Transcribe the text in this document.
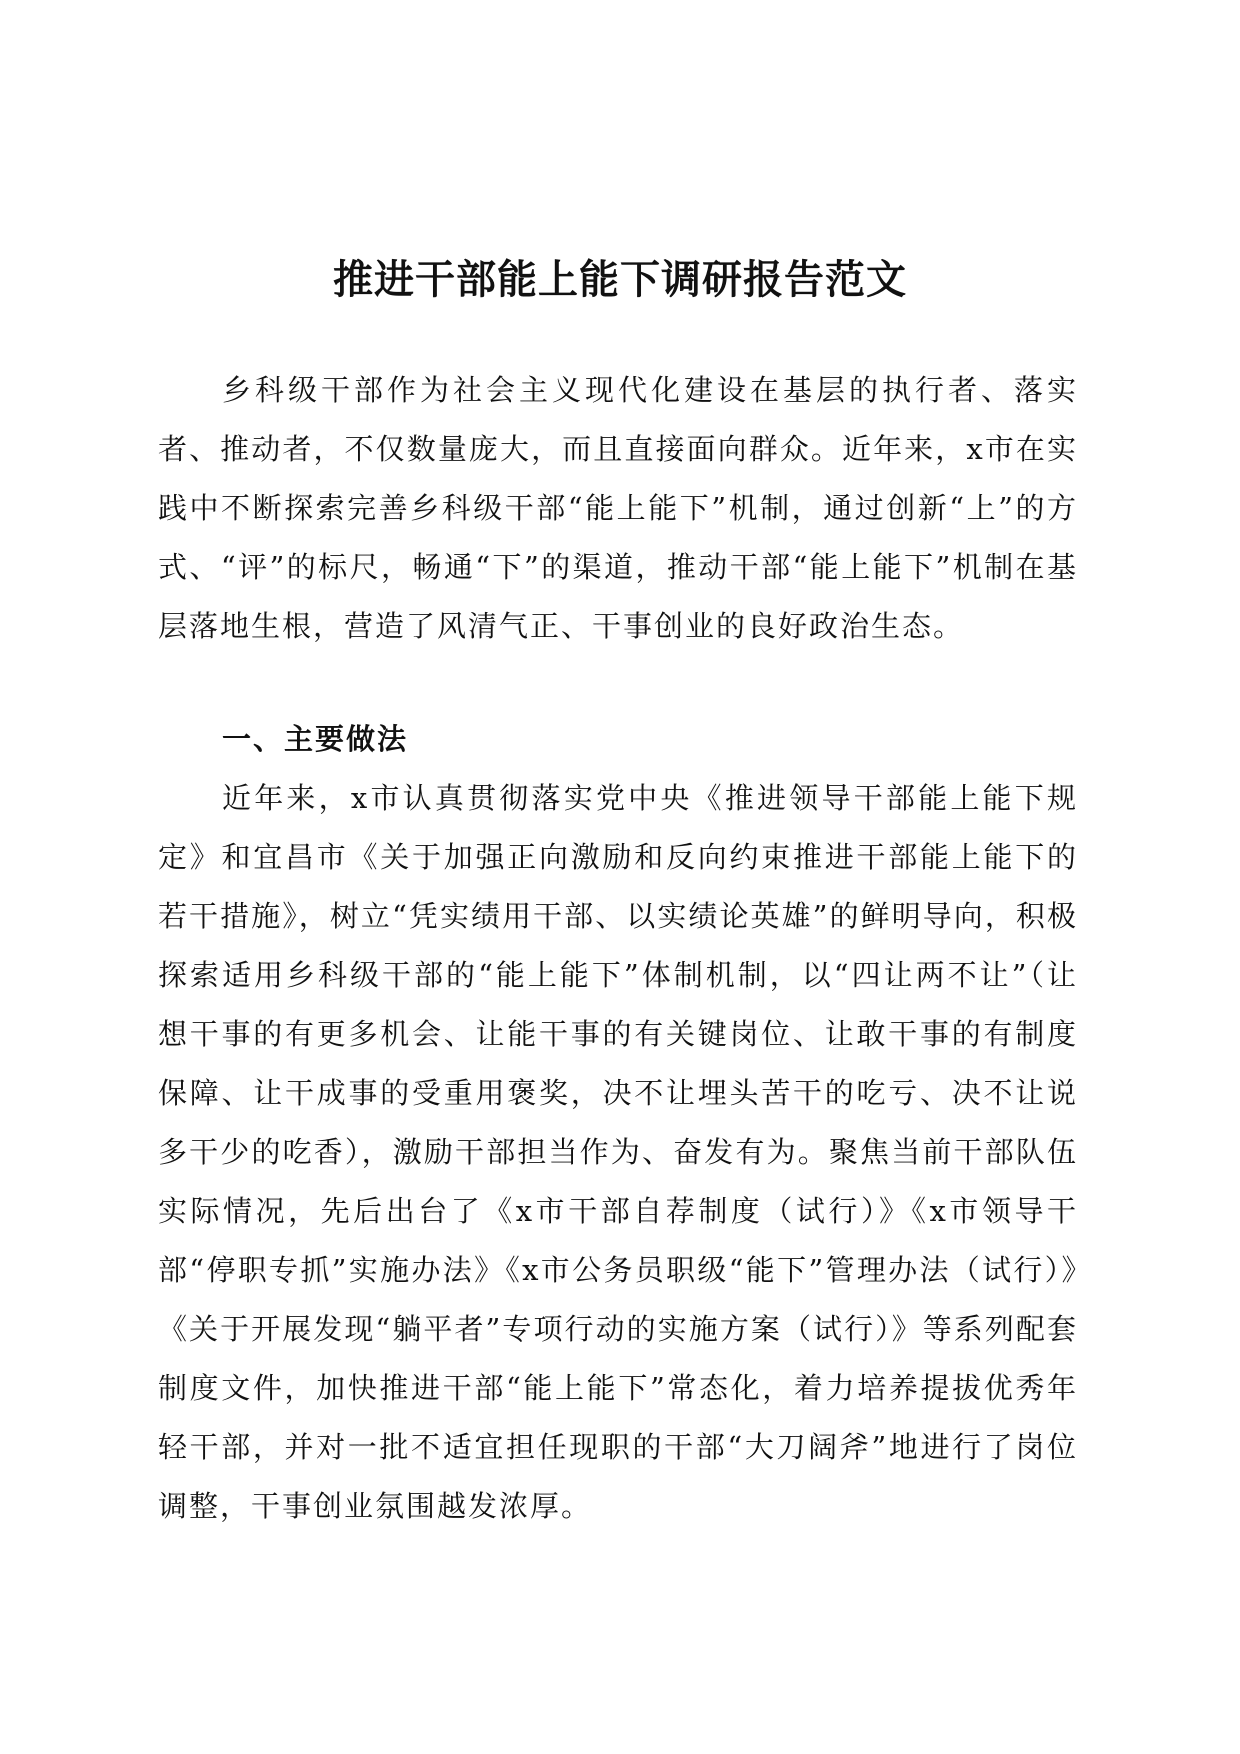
推进干部能上能下调研报告范文

乡科级干部作为社会主义现代化建设在基层的执行者、落实者、推动者，不仅数量庞大，而且直接面向群众。近年来，x市在实践中不断探索完善乡科级干部“能上能下”机制，通过创新“上”的方式、“评”的标尺，畅通“下”的渠道，推动干部“能上能下”机制在基层落地生根，营造了风清气正、干事创业的良好政治生态。

一、主要做法

近年来，x市认真贯彻落实党中央《推进领导干部能上能下规定》和宜昌市《关于加强正向激励和反向约束推进干部能上能下的若干措施》，树立“凭实绩用干部、以实绩论英雄”的鲜明导向，积极探索适用乡科级干部的“能上能下”体制机制，以“四让两不让”（让想干事的有更多机会、让能干事的有关键岗位、让敢干事的有制度保障、让干成事的受重用褒奖，决不让埋头苦干的吃亏、决不让说多干少的吃香），激励干部担当作为、奋发有为。聚焦当前干部队伍实际情况，先后出台了《x市干部自荐制度（试行）》《x市领导干部“停职专抓”实施办法》《x市公务员职级“能下”管理办法（试行）》《关于开展发现“躺平者”专项行动的实施方案（试行）》等系列配套制度文件，加快推进干部“能上能下”常态化，着力培养提拔优秀年轻干部，并对一批不适宜担任现职的干部“大刀阔斧”地进行了岗位调整，干事创业氛围越发浓厚。
